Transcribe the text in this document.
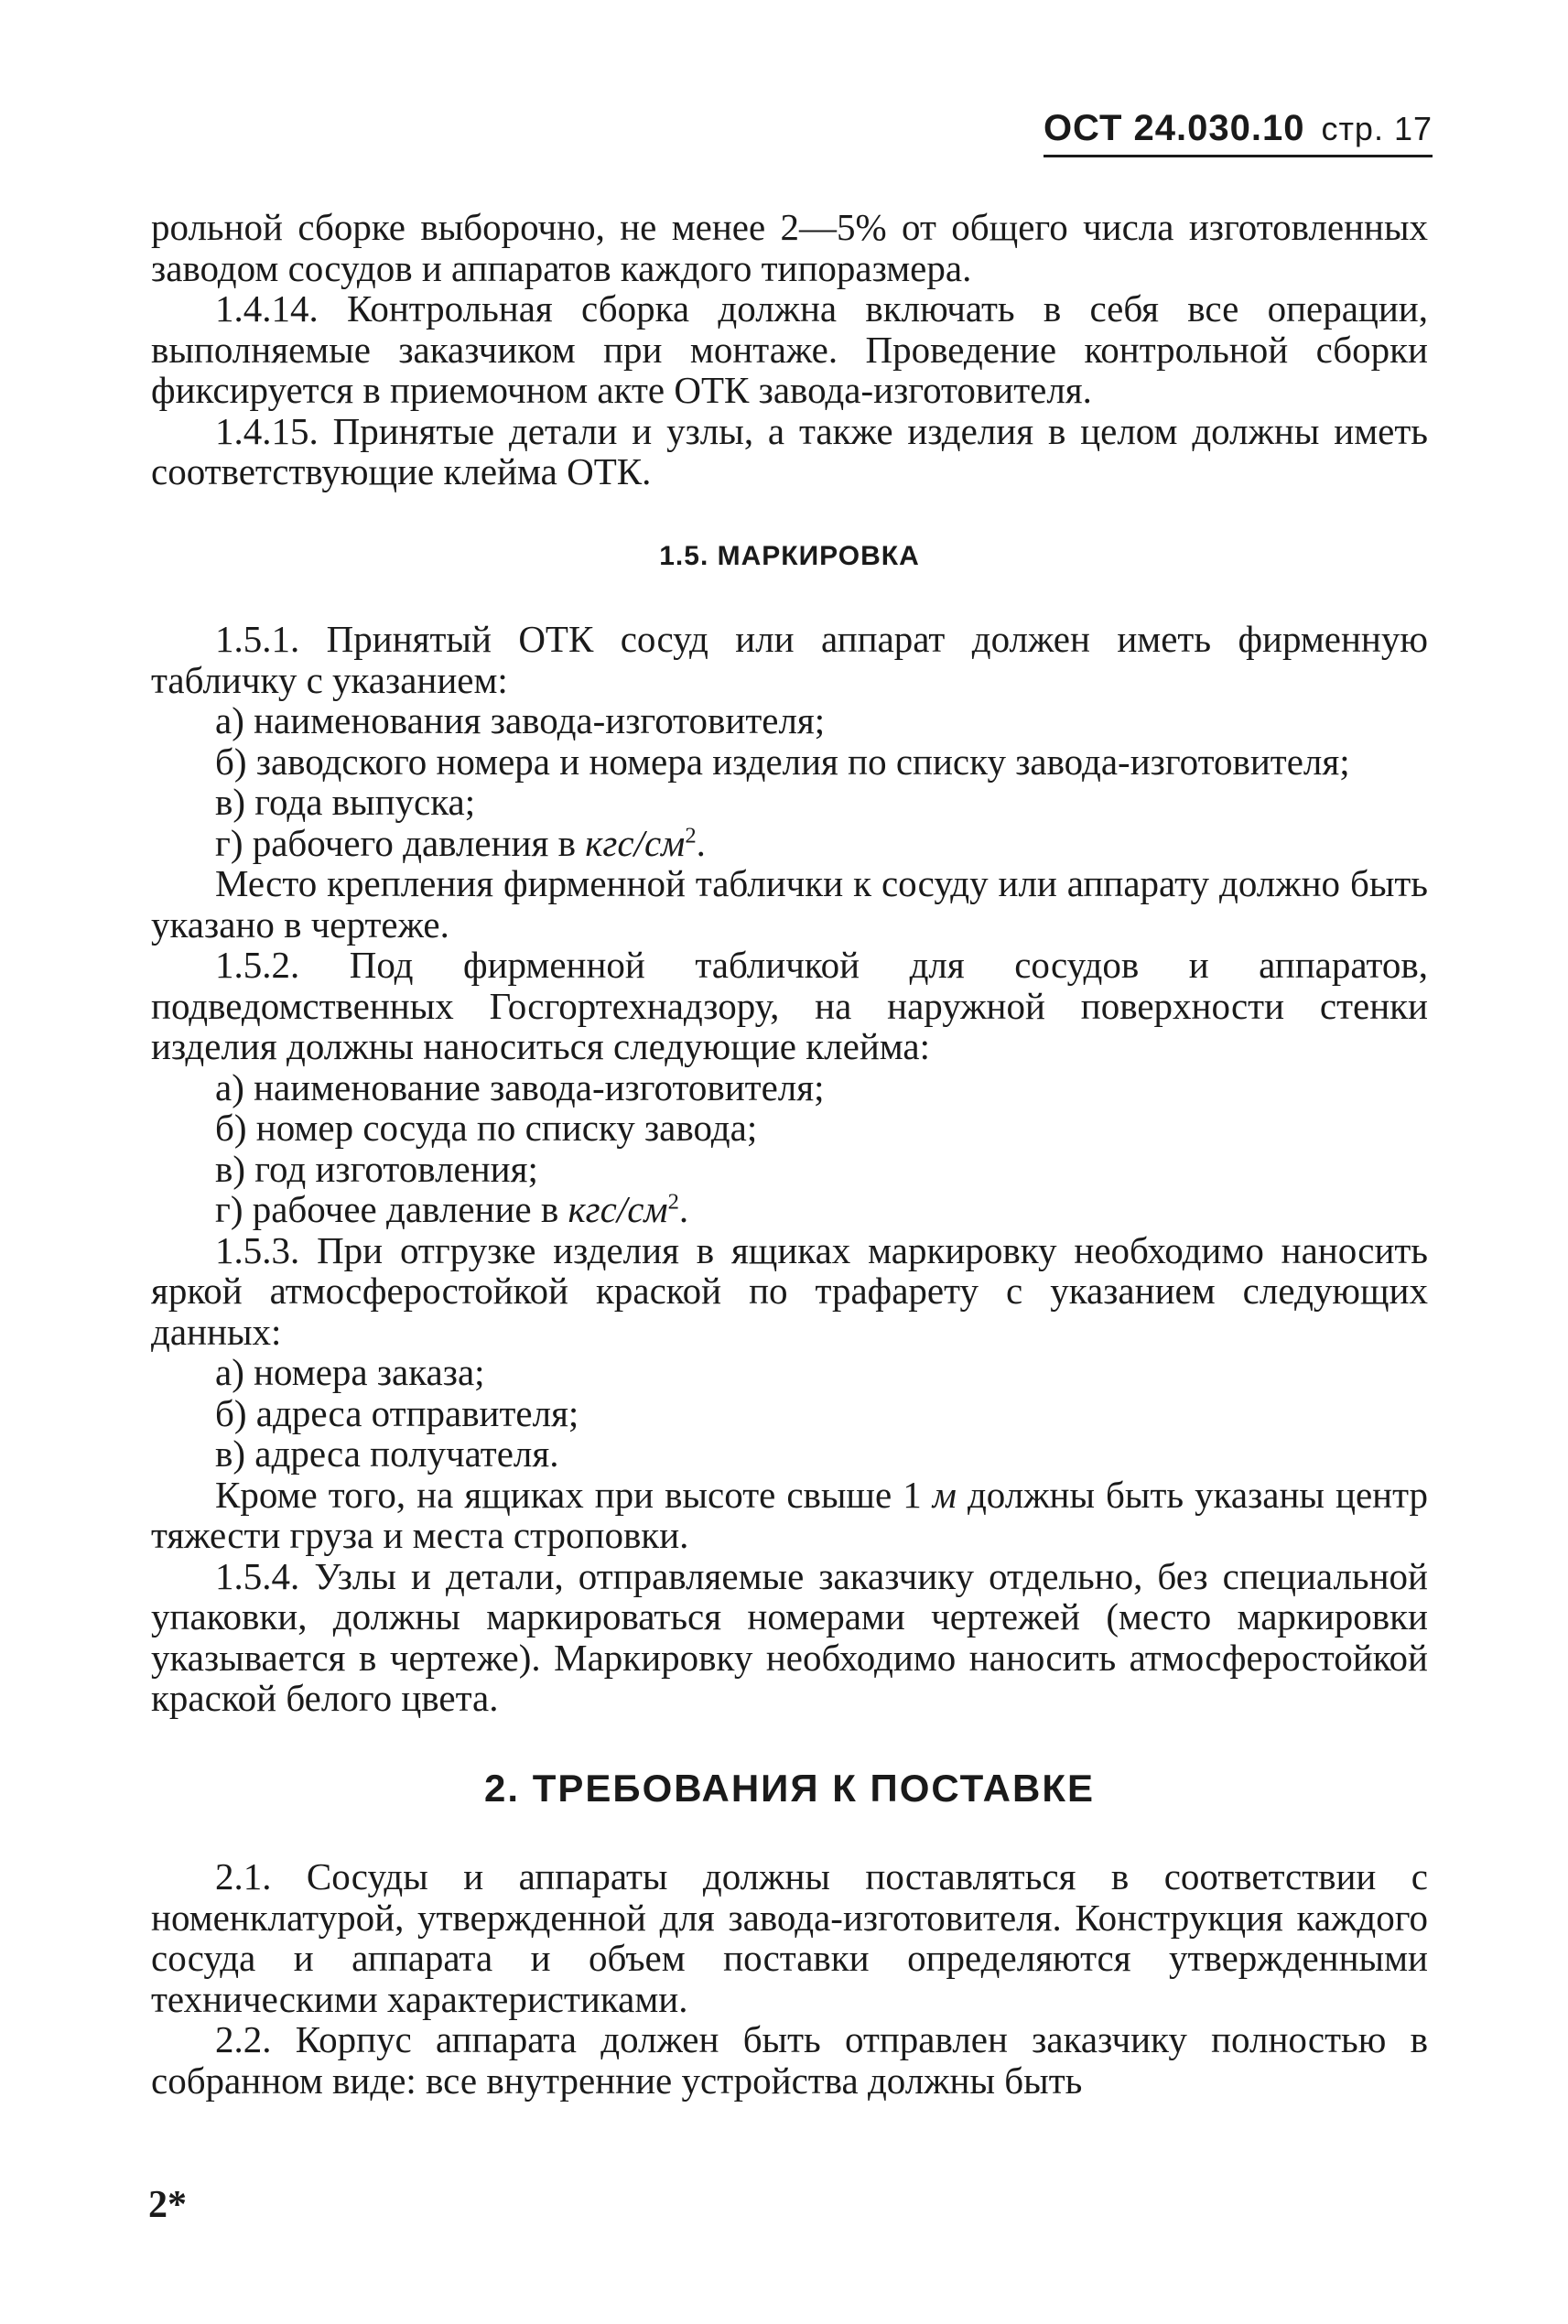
ОСТ 24.030.10 стр. 17

рольной сборке выборочно, не менее 2—5% от общего числа изготовленных заводом сосудов и аппаратов каждого типоразмера.

1.4.14. Контрольная сборка должна включать в себя все операции, выполняемые заказчиком при монтаже. Проведение контрольной сборки фиксируется в приемочном акте ОТК завода-изготовителя.

1.4.15. Принятые детали и узлы, а также изделия в целом должны иметь соответствующие клейма ОТК.

1.5. МАРКИРОВКА

1.5.1. Принятый ОТК сосуд или аппарат должен иметь фирменную табличку с указанием:

а) наименования завода-изготовителя;

б) заводского номера и номера изделия по списку завода-изготовителя;

в) года выпуска;

г) рабочего давления в кгс/$см^2$.

Место крепления фирменной таблички к сосуду или аппарату должно быть указано в чертеже.

1.5.2. Под фирменной табличкой для сосудов и аппаратов, подведомственных Госгортехнадзору, на наружной поверхности стенки изделия должны наноситься следующие клейма:

а) наименование завода-изготовителя;

б) номер сосуда по списку завода;

в) год изготовления;

г) рабочее давление в кгс/$см^2$.

1.5.3. При отгрузке изделия в ящиках маркировку необходимо наносить яркой атмосферостойкой краской по трафарету с указанием следующих данных:

а) номера заказа;

б) адреса отправителя;

в) адреса получателя.

Кроме того, на ящиках при высоте свыше 1 м должны быть указаны центр тяжести груза и места строповки.

1.5.4. Узлы и детали, отправляемые заказчику отдельно, без специальной упаковки, должны маркироваться номерами чертежей (место маркировки указывается в чертеже). Маркировку необходимо наносить атмосферостойкой краской белого цвета.

2. ТРЕБОВАНИЯ К ПОСТАВКЕ

2.1. Сосуды и аппараты должны поставляться в соответствии с номенклатурой, утвержденной для завода-изготовителя. Конструкция каждого сосуда и аппарата и объем поставки определяются утвержденными техническими характеристиками.

2.2. Корпус аппарата должен быть отправлен заказчику полностью в собранном виде: все внутренние устройства должны быть

2*
